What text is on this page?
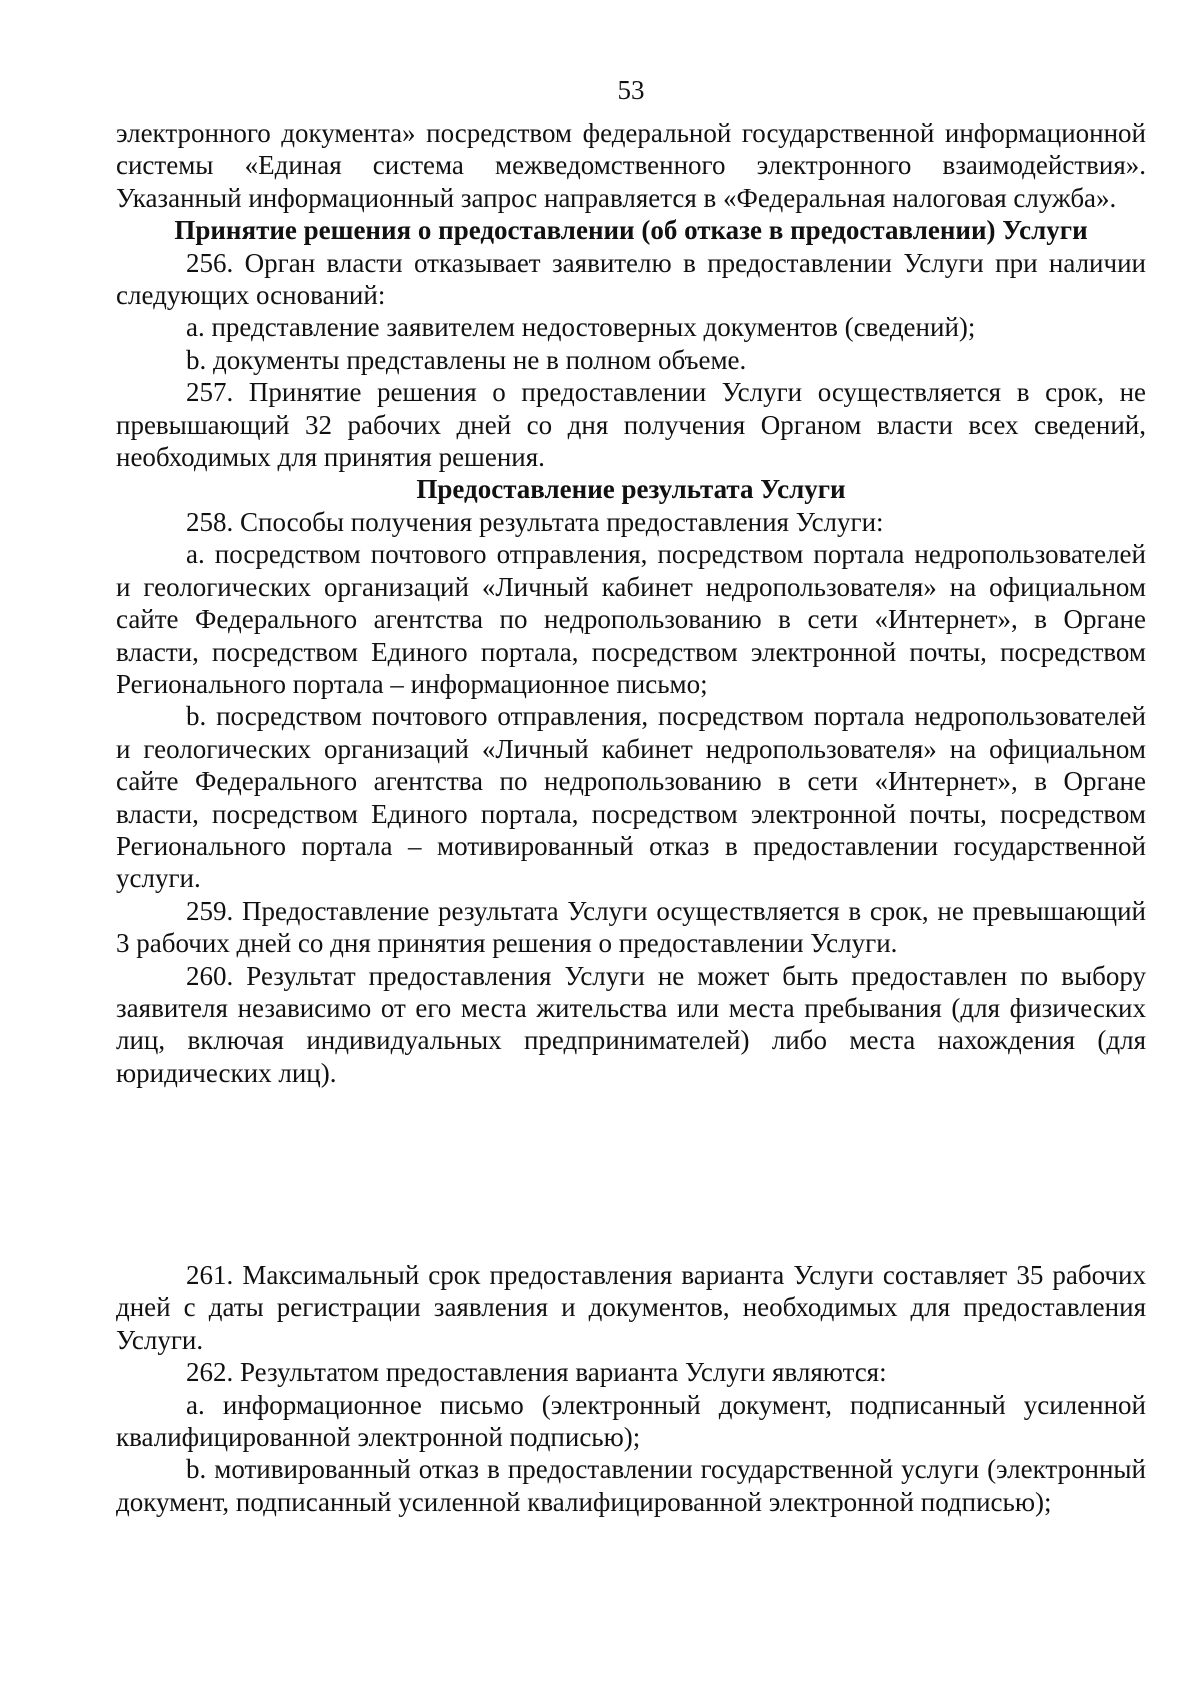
53

электронного документа» посредством федеральной государственной информационной системы «Единая система межведомственного электронного взаимодействия». Указанный информационный запрос направляется в «Федеральная налоговая служба».

Принятие решения о предоставлении (об отказе в предоставлении) Услуги

256. Орган власти отказывает заявителю в предоставлении Услуги при наличии следующих оснований:

a. представление заявителем недостоверных документов (сведений);

b. документы представлены не в полном объеме.

257. Принятие решения о предоставлении Услуги осуществляется в срок, не превышающий 32 рабочих дней со дня получения Органом власти всех сведений, необходимых для принятия решения.

Предоставление результата Услуги

258. Способы получения результата предоставления Услуги:

a. посредством почтового отправления, посредством портала недропользователей и геологических организаций «Личный кабинет недропользователя» на официальном сайте Федерального агентства по недропользованию в сети «Интернет», в Органе власти, посредством Единого портала, посредством электронной почты, посредством Регионального портала – информационное письмо;

b. посредством почтового отправления, посредством портала недропользователей и геологических организаций «Личный кабинет недропользователя» на официальном сайте Федерального агентства по недропользованию в сети «Интернет», в Органе власти, посредством Единого портала, посредством электронной почты, посредством Регионального портала – мотивированный отказ в предоставлении государственной услуги.

259. Предоставление результата Услуги осуществляется в срок, не превышающий 3 рабочих дней со дня принятия решения о предоставлении Услуги.

260. Результат предоставления Услуги не может быть предоставлен по выбору заявителя независимо от его места жительства или места пребывания (для физических лиц, включая индивидуальных предпринимателей) либо места нахождения (для юридических лиц).

261. Максимальный срок предоставления варианта Услуги составляет 35 рабочих дней с даты регистрации заявления и документов, необходимых для предоставления Услуги.

262. Результатом предоставления варианта Услуги являются:

a. информационное письмо (электронный документ, подписанный усиленной квалифицированной электронной подписью);

b. мотивированный отказ в предоставлении государственной услуги (электронный документ, подписанный усиленной квалифицированной электронной подписью);
